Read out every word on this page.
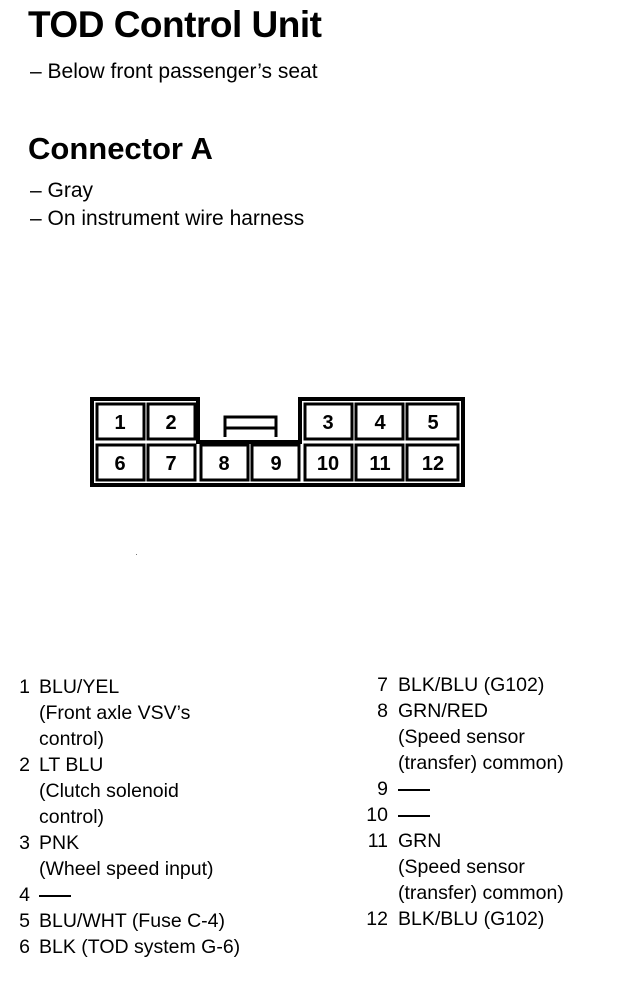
TOD Control Unit
– Below front passenger’s seat
Connector A
– Gray
– On instrument wire harness
1 2	3 4 5
6 7 8 9 10 11 12
1 BLU/YEL
(Front axle VSV’s
control)
2 LT BLU
(Clutch solenoid
control)
3 PNK
(Wheel speed input)
4
5 BLU/WHT (Fuse C-4)
6 BLK (TOD system G-6)
7 BLK/BLU (G102)
8 GRN/RED
(Speed sensor
(transfer) common)
9
10
11 GRN
(Speed sensor
(transfer) common)
12 BLK/BLU (G102)
